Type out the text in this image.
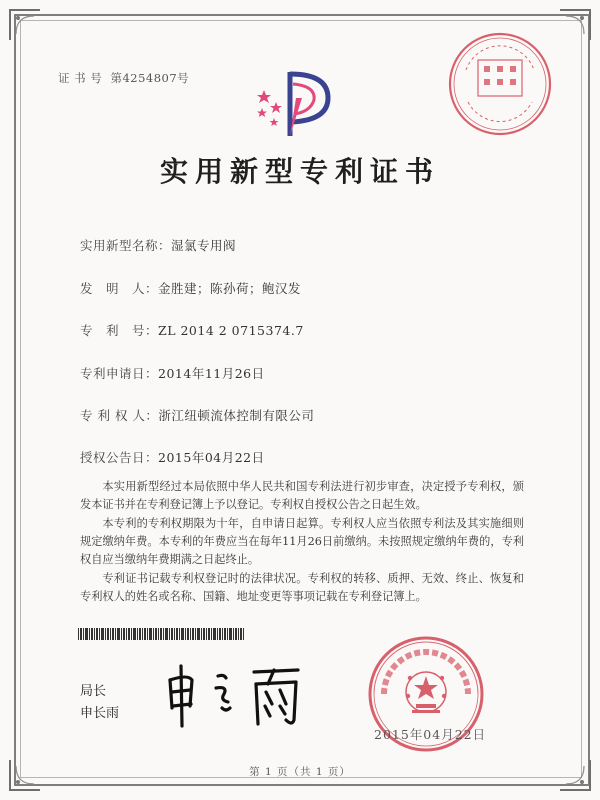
证 书 号 第4254807号
实用新型专利证书
实用新型名称：湿氯专用阀
发　明　人：金胜建；陈孙荷；鲍汉发
专　利　号：ZL 2014 2 0715374.7
专利申请日：2014年11月26日
专 利 权 人：浙江纽顿流体控制有限公司
授权公告日：2015年04月22日

本实用新型经过本局依照中华人民共和国专利法进行初步审查，决定授予专利权，颁发本证书并在专利登记簿上予以登记。专利权自授权公告之日起生效。

本专利的专利权期限为十年，自申请日起算。专利权人应当依照专利法及其实施细则规定缴纳年费。本专利的年费应当在每年11月26日前缴纳。未按照规定缴纳年费的，专利权自应当缴纳年费期满之日起终止。

专利证书记载专利权登记时的法律状况。专利权的转移、质押、无效、终止、恢复和专利权人的姓名或名称、国籍、地址变更等事项记载在专利登记簿上。

局长
申长雨
2015年04月22日
第 1 页（共 1 页）
